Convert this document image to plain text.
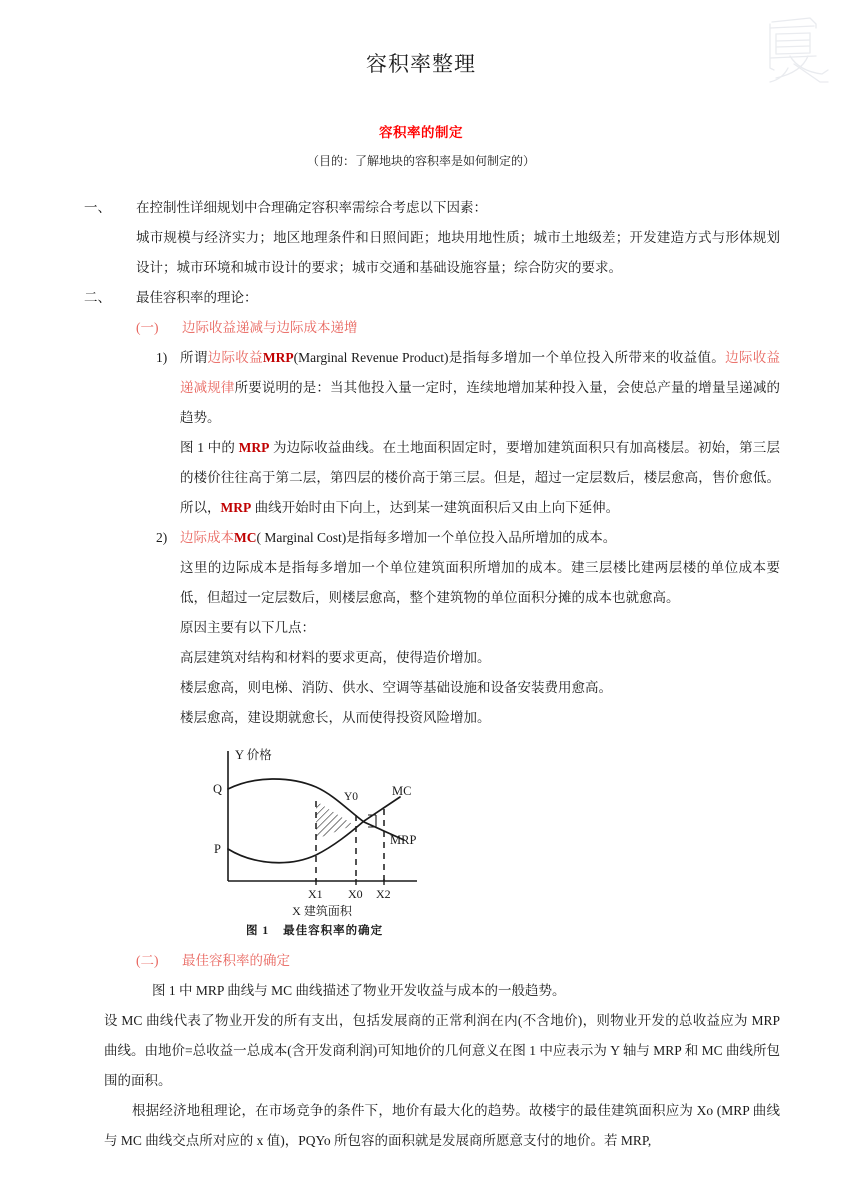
容积率整理
容积率的制定
（目的：了解地块的容积率是如何制定的）
一、	在控制性详细规划中合理确定容积率需综合考虑以下因素：

城市规模与经济实力；地区地理条件和日照间距；地块用地性质；城市土地级差；开发建造方式与形体规划设计；城市环境和城市设计的要求；城市交通和基础设施容量；综合防灾的要求。

二、	最佳容积率的理论：
(一)	边际收益递减与边际成本递增
1) 所谓边际收益MRP(Marginal Revenue Product)是指每多增加一个单位投入所带来的收益值。边际收益递减规律所要说明的是：当其他投入量一定时，连续地增加某种投入量，会使总产量的增量呈递减的趋势。

图 1 中的 MRP 为边际收益曲线。在土地面积固定时，要增加建筑面积只有加高楼层。初始，第三层的楼价往往高于第二层，第四层的楼价高于第三层。但是，超过一定层数后，楼层愈高，售价愈低。所以，MRP 曲线开始时由下向上，达到某一建筑面积后又由上向下延伸。

2) 边际成本MC( Marginal Cost)是指每多增加一个单位投入品所增加的成本。

这里的边际成本是指每多增加一个单位建筑面积所增加的成本。建三层楼比建两层楼的单位成本要低，但超过一定层数后，则楼层愈高，整个建筑物的单位面积分摊的成本也就愈高。

原因主要有以下几点：

高层建筑对结构和材料的要求更高，使得造价增加。

楼层愈高，则电梯、消防、供水、空调等基础设施和设备安装费用愈高。

楼层愈高，建设期就愈长，从而使得投资风险增加。

Y 价格
Q
P
Y0	MC
MRP
X1 X0 X2
X 建筑面积
图 1 最佳容积率的确定
(二)	最佳容积率的确定

图 1 中 MRP 曲线与 MC 曲线描述了物业开发收益与成本的一般趋势。

设 MC 曲线代表了物业开发的所有支出，包括发展商的正常利润在内(不含地价)，则物业开发的总收益应为 MRP 曲线。由地价=总收益一总成本(含开发商利润)可知地价的几何意义在图 1 中应表示为 Y 轴与 MRP 和 MC 曲线所包围的面积。

根据经济地租理论，在市场竞争的条件下，地价有最大化的趋势。故楼宇的最佳建筑面积应为 Xo (MRP 曲线与 MC 曲线交点所对应的 x 值)，PQYo 所包容的面积就是发展商所愿意支付的地价。若 MRP,
